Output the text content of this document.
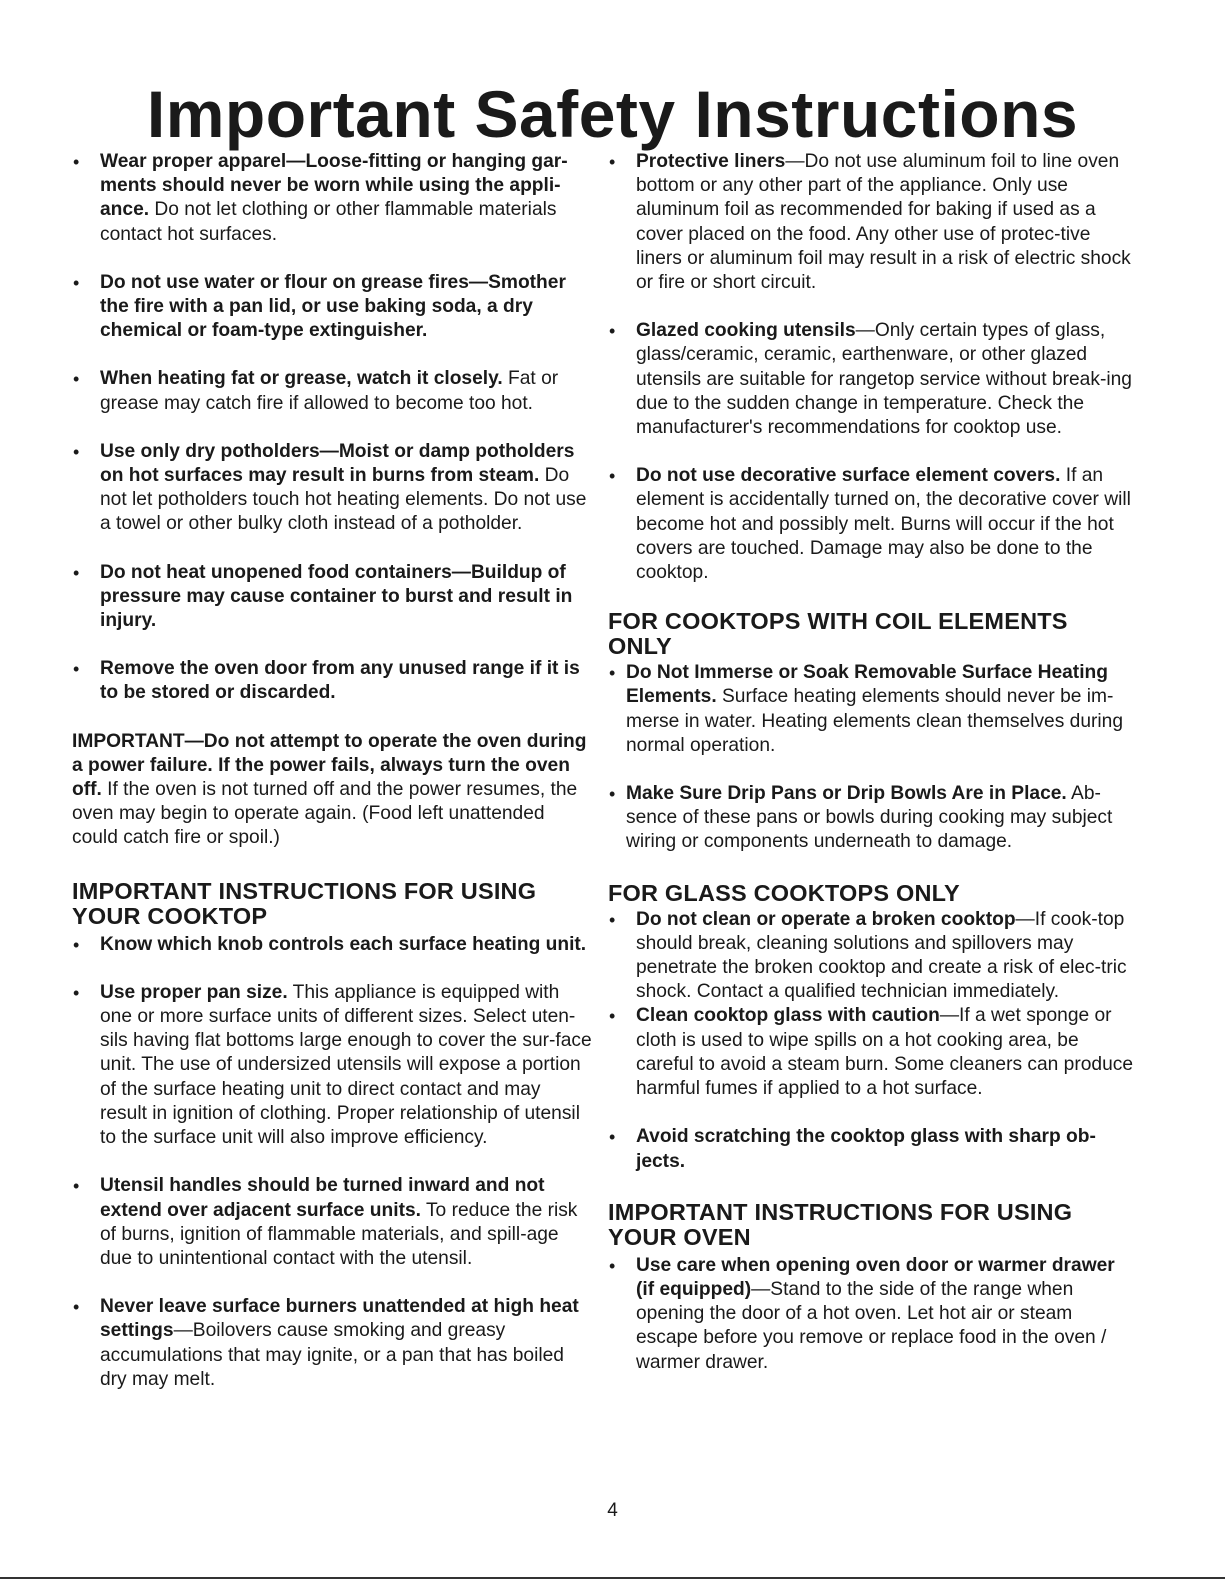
Important Safety Instructions
• Wear proper apparel—Loose-fitting or hanging gar-ments should never be worn while using the appli-ance. Do not let clothing or other flammable materials contact hot surfaces.
• Do not use water or flour on grease fires—Smother the fire with a pan lid, or use baking soda, a dry chemical or foam-type extinguisher.
• When heating fat or grease, watch it closely. Fat or grease may catch fire if allowed to become too hot.
• Use only dry potholders—Moist or damp potholders on hot surfaces may result in burns from steam. Do not let potholders touch hot heating elements. Do not use a towel or other bulky cloth instead of a potholder.
• Do not heat unopened food containers—Buildup of pressure may cause container to burst and result in injury.
• Remove the oven door from any unused range if it is to be stored or discarded.

IMPORTANT—Do not attempt to operate the oven during a power failure. If the power fails, always turn the oven off. If the oven is not turned off and the power resumes, the oven may begin to operate again. (Food left unattended could catch fire or spoil.)

IMPORTANT INSTRUCTIONS FOR USING YOUR COOKTOP
• Know which knob controls each surface heating unit.
• Use proper pan size. This appliance is equipped with one or more surface units of different sizes. Select uten-sils having flat bottoms large enough to cover the sur-face unit. The use of undersized utensils will expose a portion of the surface heating unit to direct contact and may result in ignition of clothing. Proper relationship of utensil to the surface unit will also improve efficiency.
• Utensil handles should be turned inward and not extend over adjacent surface units. To reduce the risk of burns, ignition of flammable materials, and spill-age due to unintentional contact with the utensil.
• Never leave surface burners unattended at high heat settings—Boilovers cause smoking and greasy accumulations that may ignite, or a pan that has boiled dry may melt.
• Protective liners—Do not use aluminum foil to line oven bottom or any other part of the appliance. Only use aluminum foil as recommended for baking if used as a cover placed on the food. Any other use of protec-tive liners or aluminum foil may result in a risk of electric shock or fire or short circuit.
• Glazed cooking utensils—Only certain types of glass, glass/ceramic, ceramic, earthenware, or other glazed utensils are suitable for rangetop service without break-ing due to the sudden change in temperature. Check the manufacturer's recommendations for cooktop use.
• Do not use decorative surface element covers. If an element is accidentally turned on, the decorative cover will become hot and possibly melt. Burns will occur if the hot covers are touched. Damage may also be done to the cooktop.
FOR COOKTOPS WITH COIL ELEMENTS ONLY
• Do Not Immerse or Soak Removable Surface Heating Elements. Surface heating elements should never be im-merse in water. Heating elements clean themselves during normal operation.
• Make Sure Drip Pans or Drip Bowls Are in Place. Ab-sence of these pans or bowls during cooking may subject wiring or components underneath to damage.
FOR GLASS COOKTOPS ONLY
• Do not clean or operate a broken cooktop—If cook-top should break, cleaning solutions and spillovers may penetrate the broken cooktop and create a risk of elec-tric shock. Contact a qualified technician immediately.
• Clean cooktop glass with caution—If a wet sponge or cloth is used to wipe spills on a hot cooking area, be careful to avoid a steam burn. Some cleaners can produce harmful fumes if applied to a hot surface.
• Avoid scratching the cooktop glass with sharp ob-jects.
IMPORTANT INSTRUCTIONS FOR USING YOUR OVEN
• Use care when opening oven door or warmer drawer (if equipped)—Stand to the side of the range when opening the door of a hot oven. Let hot air or steam escape before you remove or replace food in the oven / warmer drawer.
4
